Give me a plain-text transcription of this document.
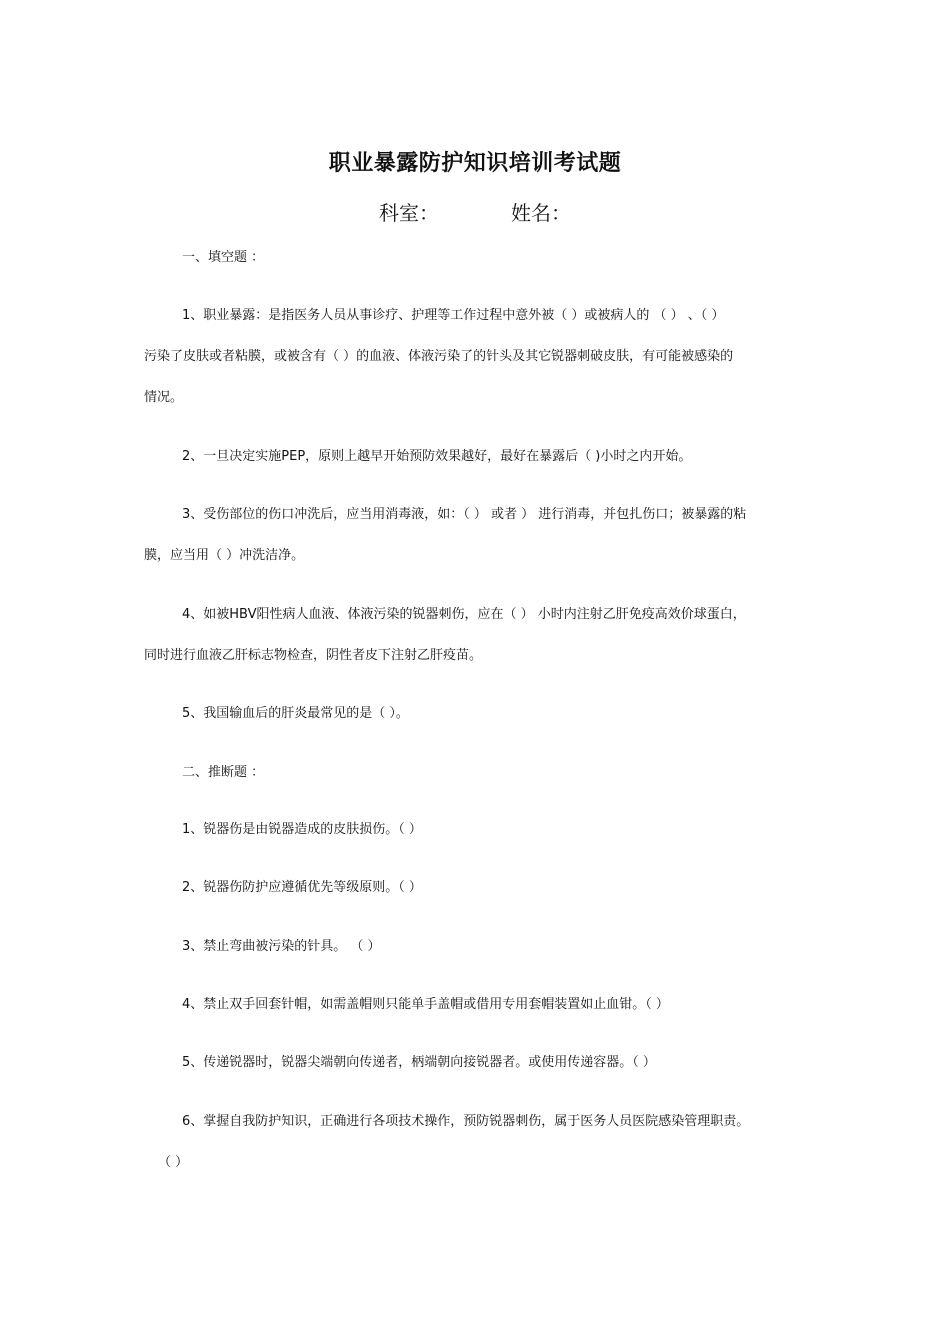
职业暴露防护知识培训考试题
科室：	姓名：
一、填空题 ：
1、职业暴露：是指医务人员从事诊疗、护理等工作过程中意外被（ ）或被病人的 （ ） 、（ ）
污染了皮肤或者粘膜，或被含有（ ）的血液、体液污染了的针头及其它锐器刺破皮肤，有可能被感染的
情况。
2、一旦决定实施PEP，原则上越早开始预防效果越好，最好在暴露后（ )小时之内开始。
3、受伤部位的伤口冲洗后，应当用消毒液，如：（ ） 或者 ） 进行消毒，并包扎伤口；被暴露的粘
膜，应当用（ ）冲洗洁净。
4、如被HBV阳性病人血液、体液污染的锐器刺伤，应在（ ） 小时内注射乙肝免疫高效价球蛋白，
同时进行血液乙肝标志物检查，阴性者皮下注射乙肝疫苗。
5、我国输血后的肝炎最常见的是（ ）。
二、推断题 ：
1、锐器伤是由锐器造成的皮肤损伤。（ ）
2、锐器伤防护应遵循优先等级原则。（ ）
3、禁止弯曲被污染的针具。 （ ）
4、禁止双手回套针帽，如需盖帽则只能单手盖帽或借用专用套帽装置如止血钳。（ ）
5、传递锐器时，锐器尖端朝向传递者，柄端朝向接锐器者。或使用传递容器。（ ）
6、掌握自我防护知识，正确进行各项技术操作，预防锐器刺伤，属于医务人员医院感染管理职责。
（ ）
